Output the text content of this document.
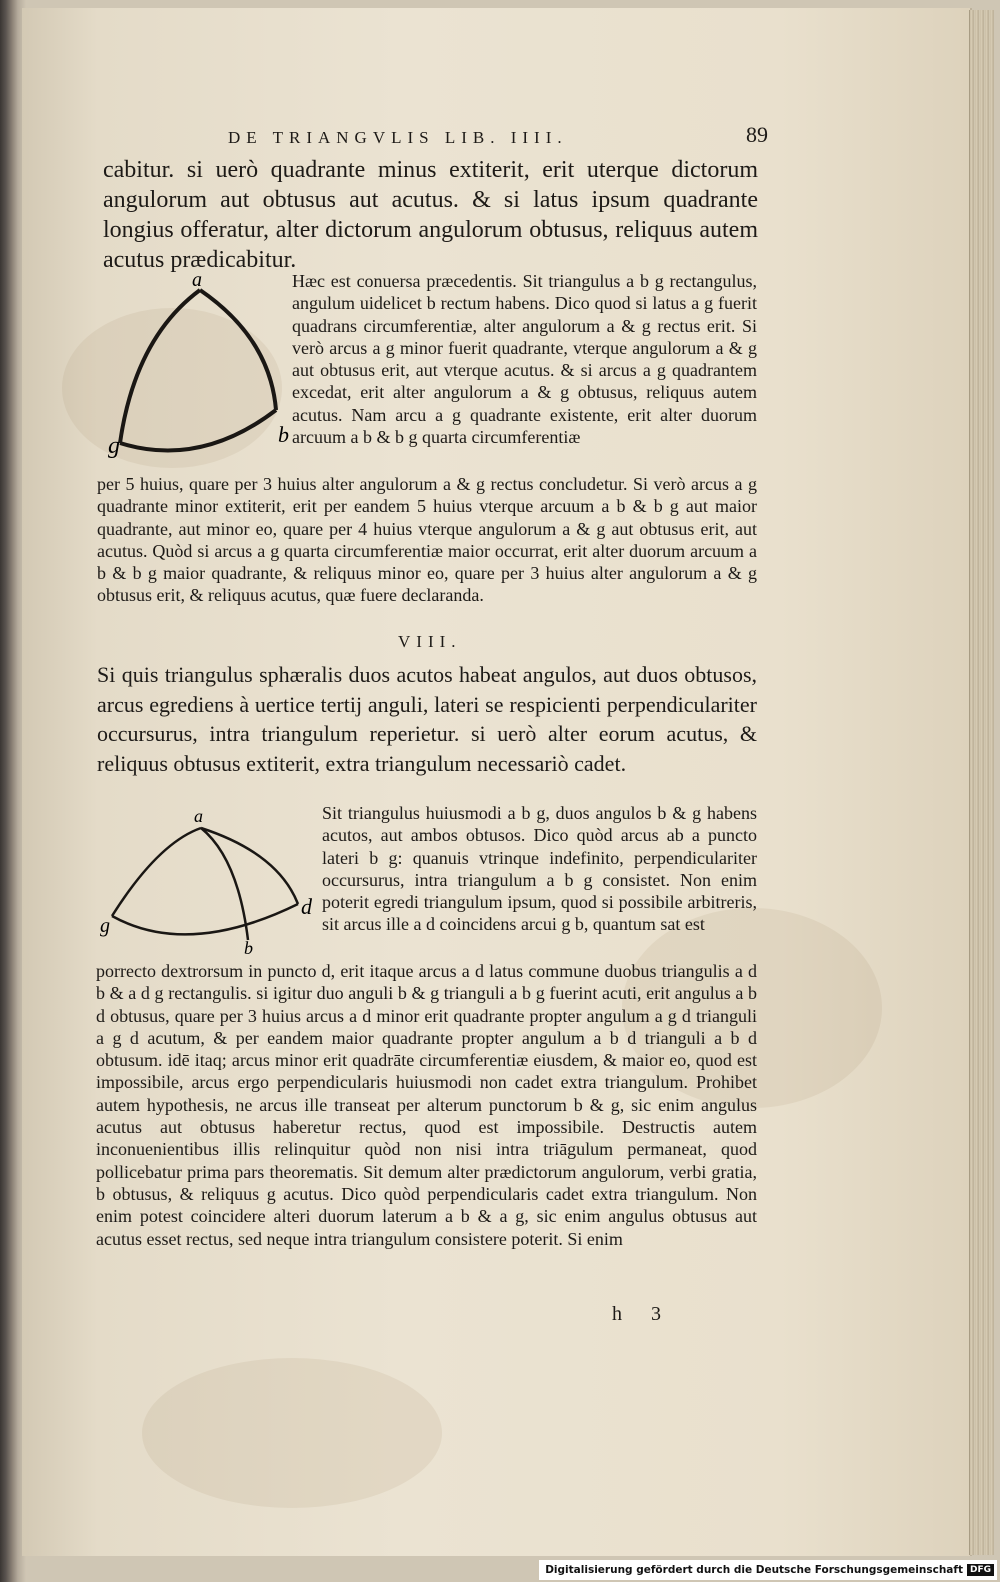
DE TRIANGVLIS LIB. IIII.	89
cabitur. si uerò quadrante minus extiterit, erit uterque dictorum angulorum aut obtusus aut acutus. & si latus ipsum quadrante longius offeratur, alter dictorum angulorum obtusus, reliquus autem acutus prædicabitur.
a
g	b
Hæc est conuersa præcedentis. Sit triangulus a b g rectangulus, angulum uidelicet b rectum habens. Dico quod si latus a g fuerit quadrans circumferentiæ, alter angulorum a & g rectus erit. Si verò arcus a g minor fuerit quadrante, vterque angulorum a & g aut obtusus erit, aut vterque acutus. & si arcus a g quadrantem excedat, erit alter angulorum a & g obtusus, reliquus autem acutus. Nam arcu a g quadrante existente, erit alter duorum arcuum a b & b g quarta circumferentiæ
per 5 huius, quare per 3 huius alter angulorum a & g rectus concludetur. Si verò arcus a g quadrante minor extiterit, erit per eandem 5 huius vterque arcuum a b & b g aut maior quadrante, aut minor eo, quare per 4 huius vterque angulorum a & g aut obtusus erit, aut acutus. Quòd si arcus a g quarta circumferentiæ maior occurrat, erit alter duorum arcuum a b & b g maior quadrante, & reliquus minor eo, quare per 3 huius alter angulorum a & g obtusus erit, & reliquus acutus, quæ fuere declaranda.
VIII.
Si quis triangulus sphæralis duos acutos habeat angulos, aut duos obtusos, arcus egrediens à uertice tertij anguli, lateri se respicienti perpendiculariter occursurus, intra triangulum reperietur. si uerò alter eorum acutus, & reliquus obtusus extiterit, extra triangulum necessariò cadet.
a
g
b
d
Sit triangulus huiusmodi a b g, duos angulos b & g habens acutos, aut ambos obtusos. Dico quòd arcus ab a puncto lateri b g: quanuis vtrinque indefinito, perpendiculariter occursurus, intra triangulum a b g consistet. Non enim poterit egredi triangulum ipsum, quod si possibile arbitreris, sit arcus ille a d coincidens arcui g b, quantum sat est
porrecto dextrorsum in puncto d, erit itaque arcus a d latus commune duobus triangulis a d b & a d g rectangulis. si igitur duo anguli b & g trianguli a b g fuerint acuti, erit angulus a b d obtusus, quare per 3 huius arcus a d minor erit quadrante propter angulum a g d trianguli a g d acutum, & per eandem maior quadrante propter angulum a b d trianguli a b d obtusum. idē itaq; arcus minor erit quadrāte circumferentiæ eiusdem, & maior eo, quod est impossibile, arcus ergo perpendicularis huiusmodi non cadet extra triangulum. Prohibet autem hypothesis, ne arcus ille transeat per alterum punctorum b & g, sic enim angulus acutus aut obtusus haberetur rectus, quod est impossibile. Destructis autem inconuenientibus illis relinquitur quòd non nisi intra triāgulum permaneat, quod pollicebatur prima pars theorematis. Sit demum alter prædictorum angulorum, verbi gratia, b obtusus, & reliquus g acutus. Dico quòd perpendicularis cadet extra triangulum. Non enim potest coincidere alteri duorum laterum a b & a g, sic enim angulus obtusus aut acutus esset rectus, sed neque intra triangulum consistere poterit. Si enim
h 3
Digitalisierung gefördert durch die Deutsche Forschungsgemeinschaft DFG
